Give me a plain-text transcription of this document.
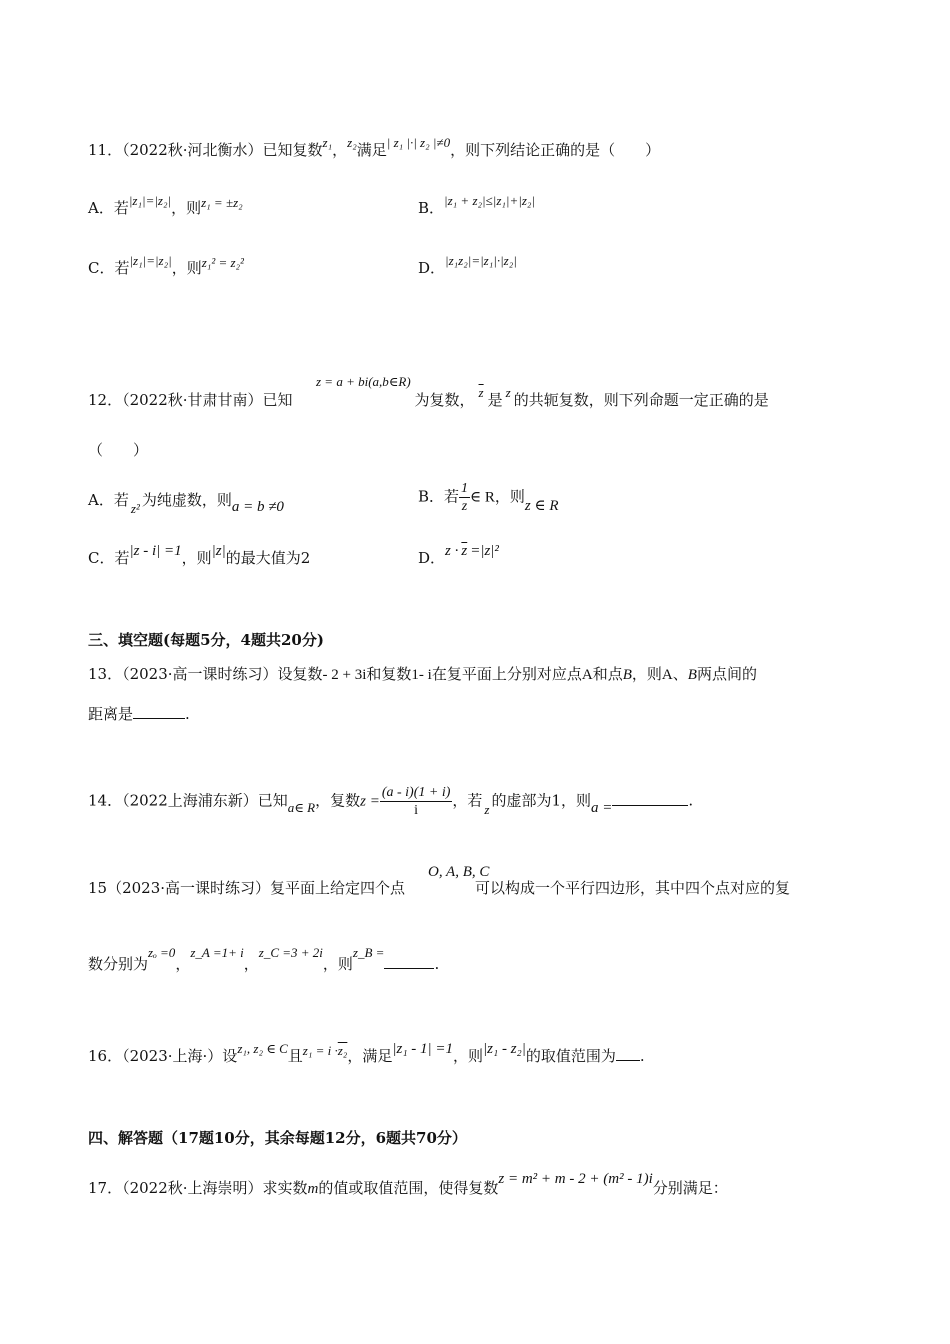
11．（2022秋·河北衡水）已知复数z₁，z₂满足| z₁ |·| z₂ |≠0，则下列结论正确的是（　　）
A．若|z₁|=|z₂|，则z₁ = ±z₂	B．|z₁ + z₂|≤|z₁|+|z₂|
C．若|z₁|=|z₂|，则z₁² = z₂²	D．|z₁z₂|=|z₁|·|z₂|
z = a + bi(a,b∈R)
12．（2022秋·甘肃甘南）已知	为复数， $\overline{z}$ 是 z 的共轭复数，则下列命题一定正确的是
（　　）
A．若 z² 为纯虚数，则a = b ≠0
B．若 $\frac{1}{z}$ ∈ R，则z ∈ R
C．若|z - i| =1，则|z|的最大值为2	D．$z \cdot \overline{z} =|z|^2$
三、填空题(每题5分，4题共20分)
13．（2023·高一课时练习）设复数- 2 + 3i和复数1- i在复平面上分别对应点A和点B，则A、B两点间的
距离是	.
14．（2022上海浦东新）已知a∈ R，复数$z = \frac{(a - i)(1 + i)}{i}$ ，若 z 的虚部为1，则a =	.
O, A, B, C
15（2023·高一课时练习）复平面上给定四个点	可以构成一个平行四边形，其中四个点对应的复
数分别为zₒ =0，z_A =1+ i，z_C =3 + 2i，则z_B =.
16．（2023·上海·）设z₁, z₂ ∈ C且z₁ = i ·z₂，满足|z₁ - 1| =1，则|z₁ - z₂|的取值范围为 .
四、解答题（17题10分，其余每题12分，6题共70分）
17．（2022秋·上海崇明）求实数m的值或取值范围，使得复数z = m² + m - 2 + (m² - 1)i分别满足：
